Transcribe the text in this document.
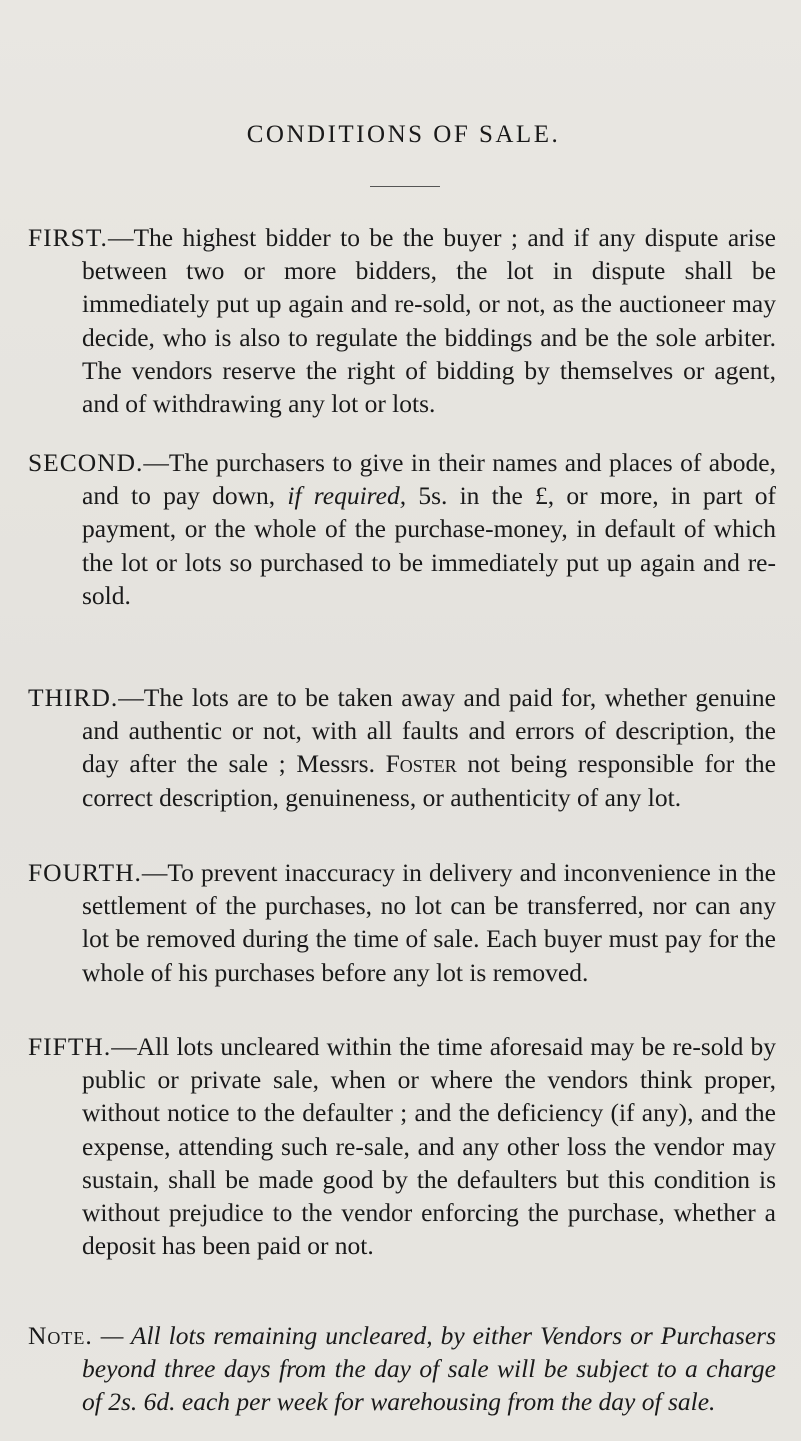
CONDITIONS OF SALE.

FIRST.—The highest bidder to be the buyer ; and if any dispute arise between two or more bidders, the lot in dispute shall be immediately put up again and re-sold, or not, as the auctioneer may decide, who is also to regulate the biddings and be the sole arbiter. The vendors reserve the right of bidding by themselves or agent, and of withdrawing any lot or lots.

SECOND.—The purchasers to give in their names and places of abode, and to pay down, if required, 5s. in the £, or more, in part of payment, or the whole of the purchase-money, in default of which the lot or lots so purchased to be immediately put up again and re-sold.

THIRD.—The lots are to be taken away and paid for, whether genuine and authentic or not, with all faults and errors of description, the day after the sale ; Messrs. Foster not being responsible for the correct description, genuineness, or authenticity of any lot.

FOURTH.—To prevent inaccuracy in delivery and inconvenience in the settlement of the purchases, no lot can be transferred, nor can any lot be removed during the time of sale. Each buyer must pay for the whole of his purchases before any lot is removed.

FIFTH.—All lots uncleared within the time aforesaid may be re-sold by public or private sale, when or where the vendors think proper, without notice to the defaulter ; and the deficiency (if any), and the expense, attending such re-sale, and any other loss the vendor may sustain, shall be made good by the defaulters but this condition is without prejudice to the vendor enforcing the purchase, whether a deposit has been paid or not.

Note. — All lots remaining uncleared, by either Vendors or Purchasers beyond three days from the day of sale will be subject to a charge of 2s. 6d. each per week for warehousing from the day of sale.
